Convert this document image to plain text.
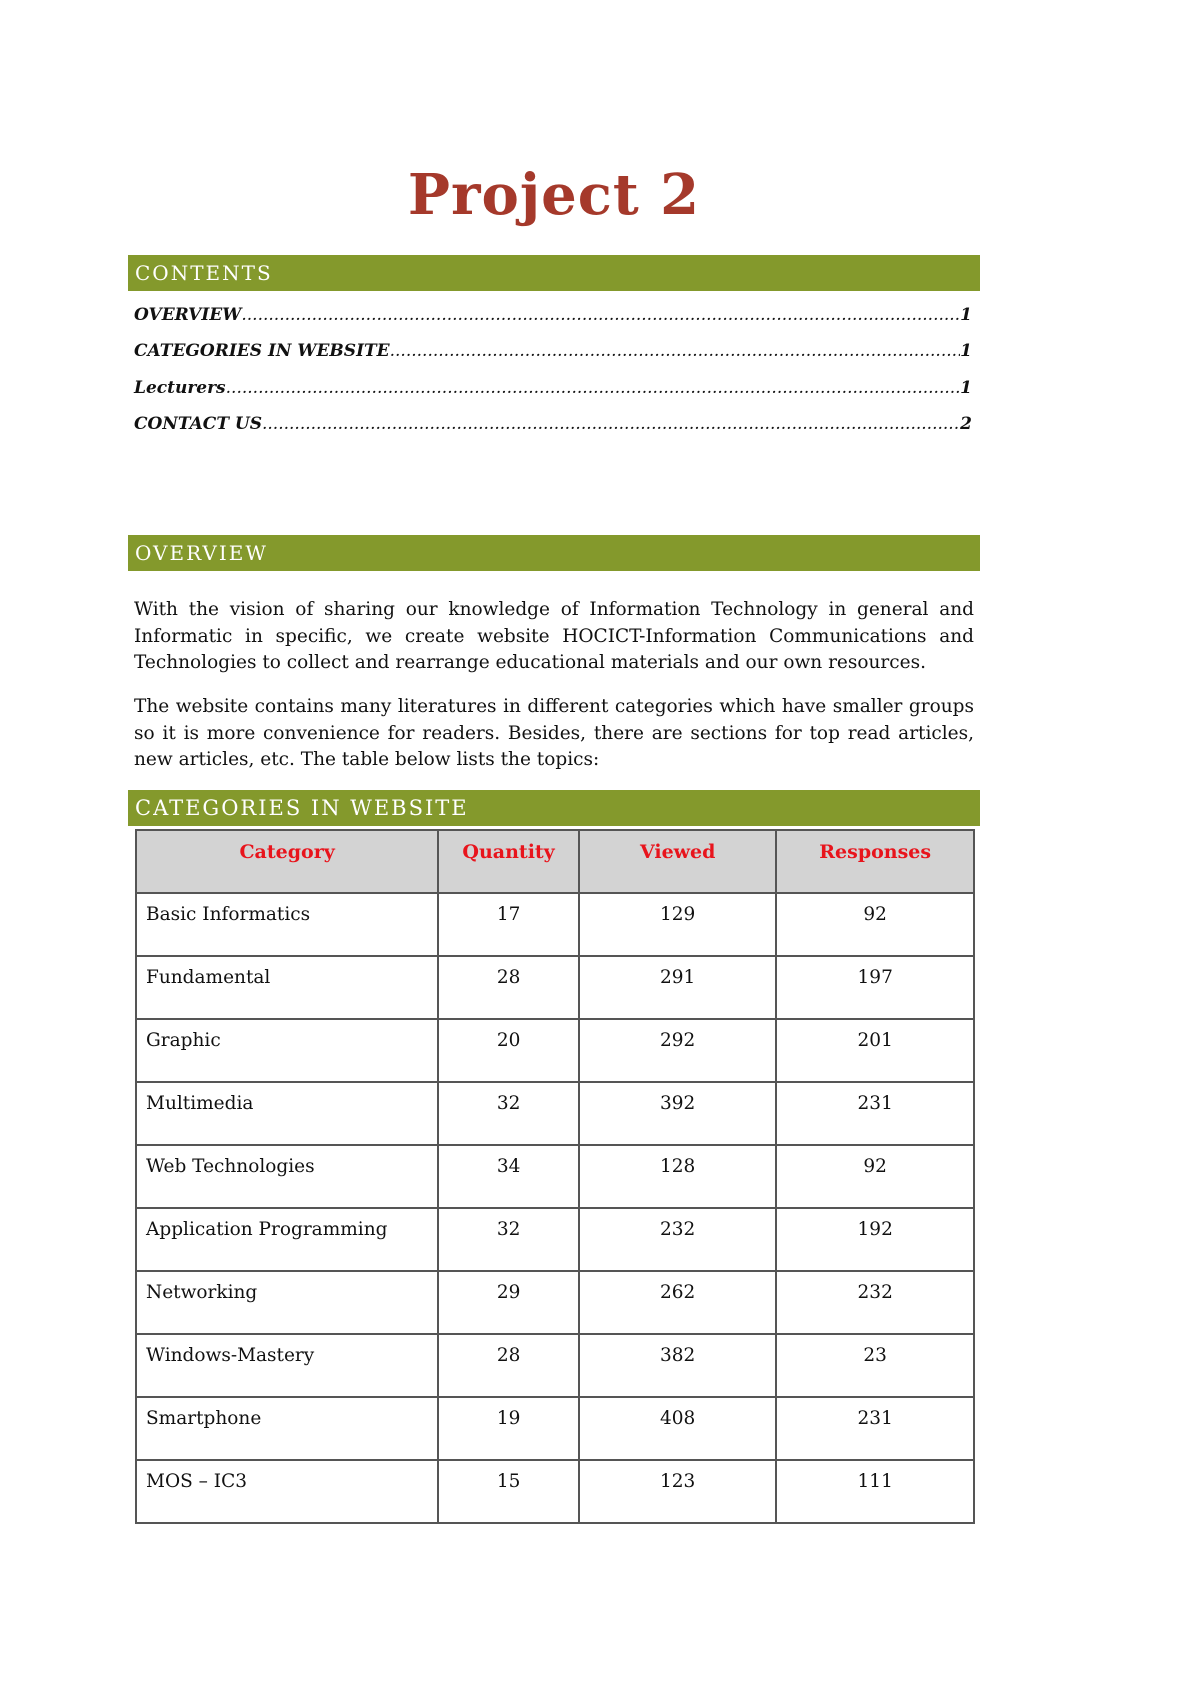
Project 2
CONTENTS
OVERVIEW .....	1
CATEGORIES IN WEBSITE .....	1
Lecturers .....	1
CONTACT US .....	2
OVERVIEW
With the vision of sharing our knowledge of Information Technology in general and Informatic in specific, we create website HOCICT-Information Communications and Technologies to collect and rearrange educational materials and our own resources.
The website contains many literatures in different categories which have smaller groups so it is more convenience for readers. Besides, there are sections for top read articles, new articles, etc. The table below lists the topics:
CATEGORIES IN WEBSITE
Category	Quantity	Viewed	Responses
Basic Informatics	17	129	92
Fundamental	28	291	197
Graphic	20	292	201
Multimedia	32	392	231
Web Technologies	34	128	92
Application Programming	32	232	192
Networking	29	262	232
Windows-Mastery	28	382	23
Smartphone	19	408	231
MOS – IC3	15	123	111
